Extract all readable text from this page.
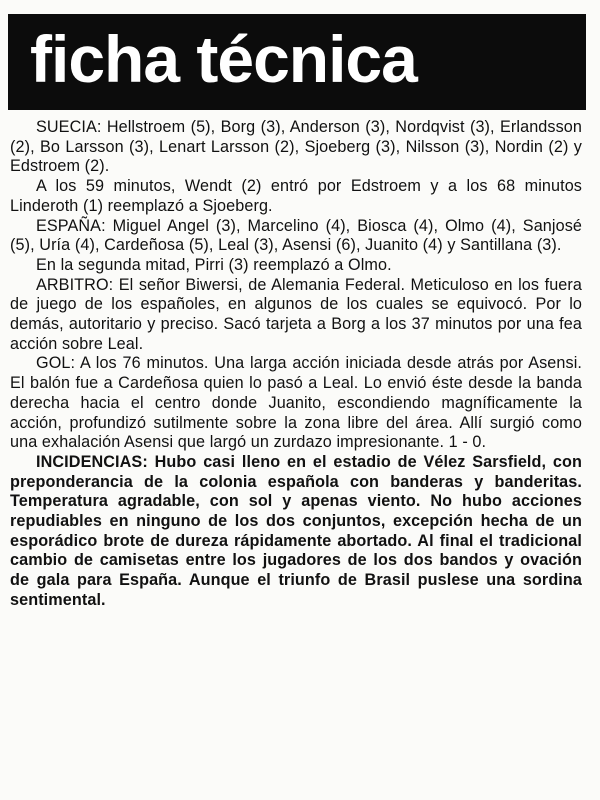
ficha técnica

SUECIA: Hellstroem (5), Borg (3), Anderson (3), Nordqvist (3), Erlandsson (2), Bo Larsson (3), Lenart Larsson (2), Sjoeberg (3), Nilsson (3), Nordin (2) y Edstroem (2).

A los 59 minutos, Wendt (2) entró por Edstroem y a los 68 minutos Linderoth (1) reemplazó a Sjoeberg.

ESPAÑA: Miguel Angel (3), Marcelino (4), Biosca (4), Olmo (4), Sanjosé (5), Uría (4), Cardeñosa (5), Leal (3), Asensi (6), Juanito (4) y Santillana (3).

En la segunda mitad, Pirri (3) reemplazó a Olmo.

ARBITRO: El señor Biwersi, de Alemania Federal. Meticuloso en los fuera de juego de los españoles, en algunos de los cuales se equivocó. Por lo demás, autoritario y preciso. Sacó tarjeta a Borg a los 37 minutos por una fea acción sobre Leal.

GOL: A los 76 minutos. Una larga acción iniciada desde atrás por Asensi. El balón fue a Cardeñosa quien lo pasó a Leal. Lo envió éste desde la banda derecha hacia el centro donde Juanito, escondiendo magníficamente la acción, profundizó sutilmente sobre la zona libre del área. Allí surgió como una exhalación Asensi que largó un zurdazo impresionante. 1 - 0.

INCIDENCIAS: Hubo casi lleno en el estadio de Vélez Sarsfield, con preponderancia de la colonia española con banderas y banderitas. Temperatura agradable, con sol y apenas viento. No hubo acciones repudiables en ninguno de los dos conjuntos, excepción hecha de un esporádico brote de dureza rápidamente abortado. Al final el tradicional cambio de camisetas entre los jugadores de los dos bandos y ovación de gala para España. Aunque el triunfo de Brasil puslese una sordina sentimental.
